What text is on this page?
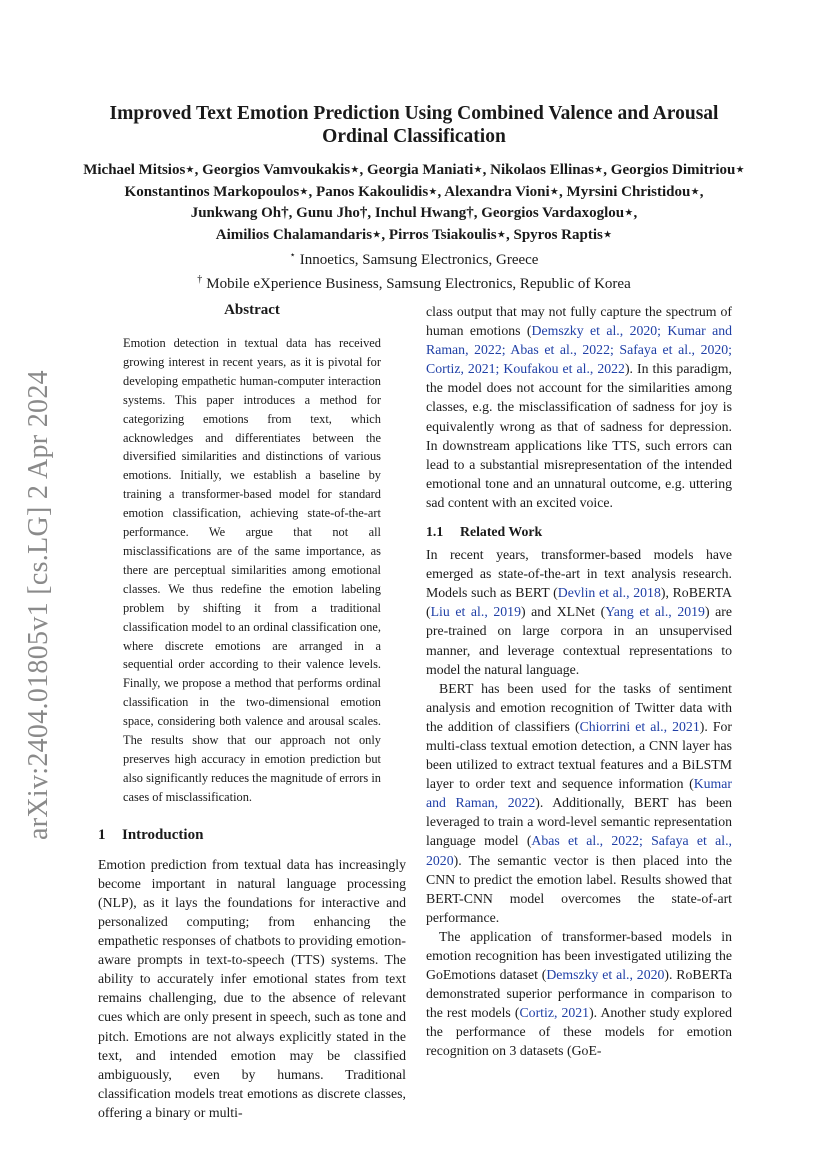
arXiv:2404.01805v1 [cs.LG] 2 Apr 2024
Improved Text Emotion Prediction Using Combined Valence and Arousal
Ordinal Classification
Michael Mitsios⋆, Georgios Vamvoukakis⋆, Georgia Maniati⋆, Nikolaos Ellinas⋆, Georgios Dimitriou⋆
Konstantinos Markopoulos⋆, Panos Kakoulidis⋆, Alexandra Vioni⋆, Myrsini Christidou⋆,
Junkwang Oh†, Gunu Jho†, Inchul Hwang†, Georgios Vardaxoglou⋆,
Aimilios Chalamandaris⋆, Pirros Tsiakoulis⋆, Spyros Raptis⋆
⋆ Innoetics, Samsung Electronics, Greece
† Mobile eXperience Business, Samsung Electronics, Republic of Korea
Abstract

Emotion detection in textual data has received growing interest in recent years, as it is pivotal for developing empathetic human-computer interaction systems. This paper introduces a method for categorizing emotions from text, which acknowledges and differentiates between the diversified similarities and distinctions of various emotions. Initially, we establish a baseline by training a transformer-based model for standard emotion classification, achieving state-of-the-art performance. We argue that not all misclassifications are of the same importance, as there are perceptual similarities among emotional classes. We thus redefine the emotion labeling problem by shifting it from a traditional classification model to an ordinal classification one, where discrete emotions are arranged in a sequential order according to their valence levels. Finally, we propose a method that performs ordinal classification in the two-dimensional emotion space, considering both valence and arousal scales. The results show that our approach not only preserves high accuracy in emotion prediction but also significantly reduces the magnitude of errors in cases of misclassification.

1 Introduction

Emotion prediction from textual data has increasingly become important in natural language processing (NLP), as it lays the foundations for interactive and personalized computing; from enhancing the empathetic responses of chatbots to providing emotion-aware prompts in text-to-speech (TTS) systems. The ability to accurately infer emotional states from text remains challenging, due to the absence of relevant cues which are only present in speech, such as tone and pitch. Emotions are not always explicitly stated in the text, and intended emotion may be classified ambiguously, even by humans. Traditional classification models treat emotions as discrete classes, offering a binary or multi-

class output that may not fully capture the spectrum of human emotions (Demszky et al., 2020; Kumar and Raman, 2022; Abas et al., 2022; Safaya et al., 2020; Cortiz, 2021; Koufakou et al., 2022). In this paradigm, the model does not account for the similarities among classes, e.g. the misclassification of sadness for joy is equivalently wrong as that of sadness for depression. In downstream applications like TTS, such errors can lead to a substantial misrepresentation of the intended emotional tone and an unnatural outcome, e.g. uttering sad content with an excited voice.

1.1 Related Work

In recent years, transformer-based models have emerged as state-of-the-art in text analysis research. Models such as BERT (Devlin et al., 2018), RoBERTA (Liu et al., 2019) and XLNet (Yang et al., 2019) are pre-trained on large corpora in an unsupervised manner, and leverage contextual representations to model the natural language.

BERT has been used for the tasks of sentiment analysis and emotion recognition of Twitter data with the addition of classifiers (Chiorrini et al., 2021). For multi-class textual emotion detection, a CNN layer has been utilized to extract textual features and a BiLSTM layer to order text and sequence information (Kumar and Raman, 2022). Additionally, BERT has been leveraged to train a word-level semantic representation language model (Abas et al., 2022; Safaya et al., 2020). The semantic vector is then placed into the CNN to predict the emotion label. Results showed that BERT-CNN model overcomes the state-of-art performance.

The application of transformer-based models in emotion recognition has been investigated utilizing the GoEmotions dataset (Demszky et al., 2020). RoBERTa demonstrated superior performance in comparison to the rest models (Cortiz, 2021). Another study explored the performance of these models for emotion recognition on 3 datasets (GoE-
